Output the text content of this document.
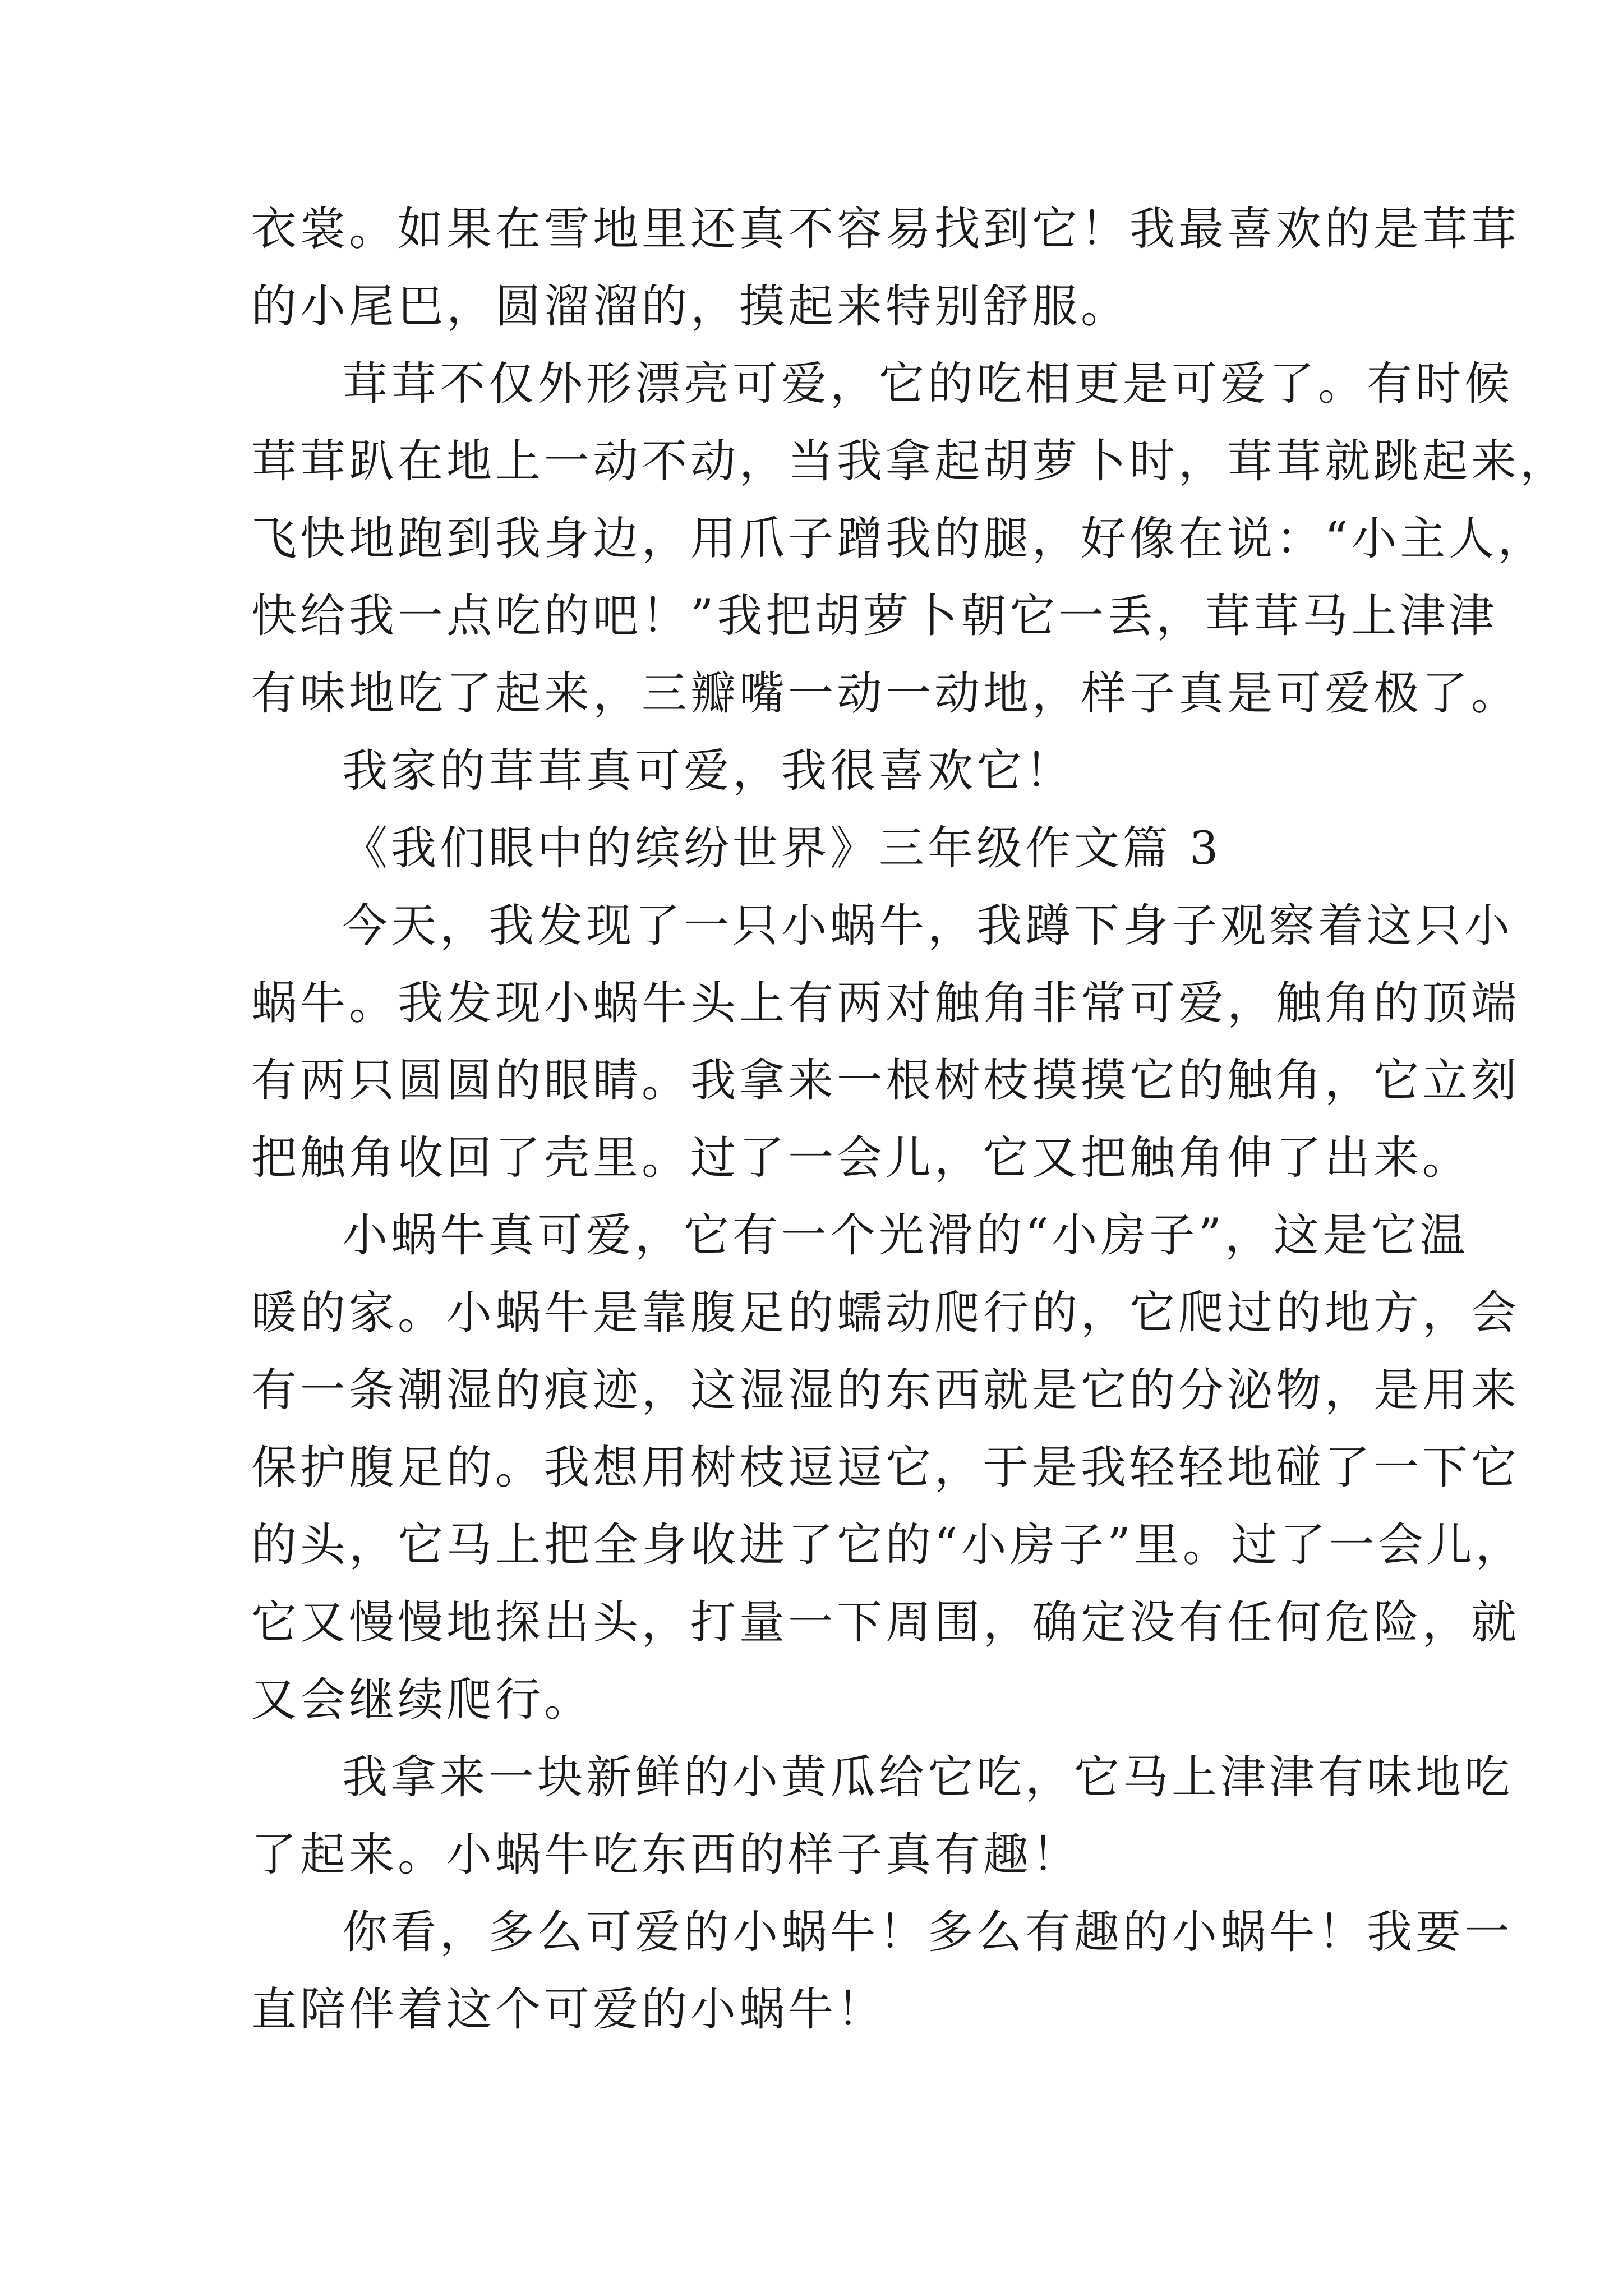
衣裳。如果在雪地里还真不容易找到它！我最喜欢的是茸茸
的小尾巴，圆溜溜的，摸起来特别舒服。
茸茸不仅外形漂亮可爱，它的吃相更是可爱了。有时候
茸茸趴在地上一动不动，当我拿起胡萝卜时，茸茸就跳起来，
飞快地跑到我身边，用爪子蹭我的腿，好像在说：“小主人，
快给我一点吃的吧！”我把胡萝卜朝它一丢，茸茸马上津津
有味地吃了起来，三瓣嘴一动一动地，样子真是可爱极了。
我家的茸茸真可爱，我很喜欢它！
《我们眼中的缤纷世界》三年级作文篇 3
今天，我发现了一只小蜗牛，我蹲下身子观察着这只小
蜗牛。我发现小蜗牛头上有两对触角非常可爱，触角的顶端
有两只圆圆的眼睛。我拿来一根树枝摸摸它的触角，它立刻
把触角收回了壳里。过了一会儿，它又把触角伸了出来。
小蜗牛真可爱，它有一个光滑的“小房子”，这是它温
暖的家。小蜗牛是靠腹足的蠕动爬行的，它爬过的地方，会
有一条潮湿的痕迹，这湿湿的东西就是它的分泌物，是用来
保护腹足的。我想用树枝逗逗它，于是我轻轻地碰了一下它
的头，它马上把全身收进了它的“小房子”里。过了一会儿，
它又慢慢地探出头，打量一下周围，确定没有任何危险，就
又会继续爬行。
我拿来一块新鲜的小黄瓜给它吃，它马上津津有味地吃
了起来。小蜗牛吃东西的样子真有趣！
你看，多么可爱的小蜗牛！多么有趣的小蜗牛！我要一
直陪伴着这个可爱的小蜗牛！
